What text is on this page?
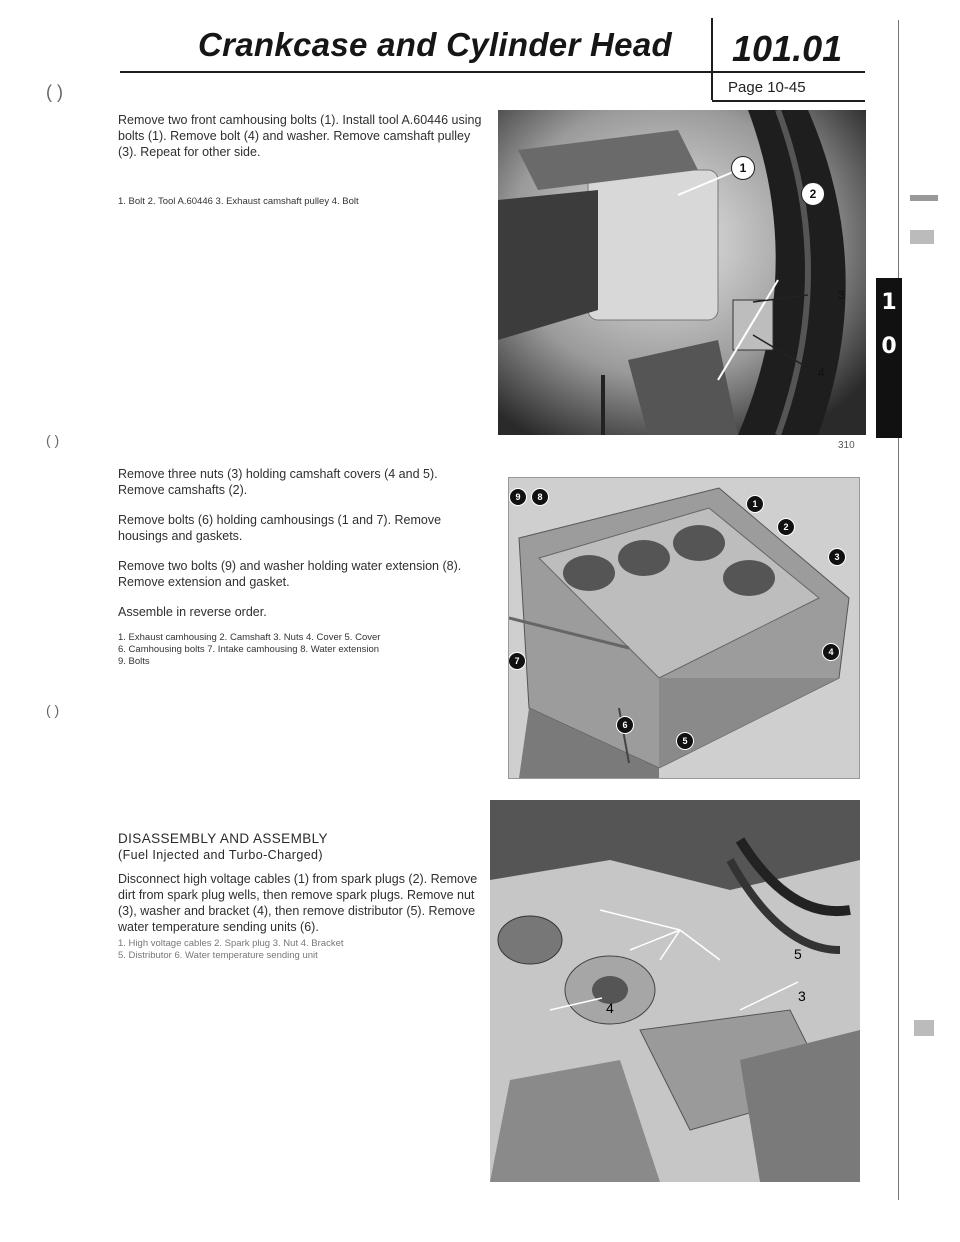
Crankcase and Cylinder Head 101.01
Page 10-45
( )
( )
( )
1
0
Remove two front camhousing bolts (1). Install tool A.60446 using bolts (1). Remove bolt (4) and washer. Remove camshaft pulley (3). Repeat for other side.
1. Bolt 2. Tool A.60446 3. Exhaust camshaft pulley 4. Bolt
1
2
3
4
310
Remove three nuts (3) holding camshaft covers (4 and 5). Remove camshafts (2).
Remove bolts (6) holding camhousings (1 and 7). Remove housings and gaskets.
Remove two bolts (9) and washer holding water extension (8). Remove extension and gasket.
Assemble in reverse order.
1. Exhaust camhousing 2. Camshaft 3. Nuts 4. Cover 5. Cover
6. Camhousing bolts 7. Intake camhousing 8. Water extension
9. Bolts
9	8
1
2
3
4
5
6
7
DISASSEMBLY AND ASSEMBLY
(Fuel Injected and Turbo-Charged)
Disconnect high voltage cables (1) from spark plugs (2). Remove dirt from spark plug wells, then remove spark plugs. Remove nut (3), washer and bracket (4), then remove distributor (5). Remove water temperature sending units (6).
1. High voltage cables 2. Spark plug 3. Nut 4. Bracket
5. Distributor 6. Water temperature sending unit	5
3
4
